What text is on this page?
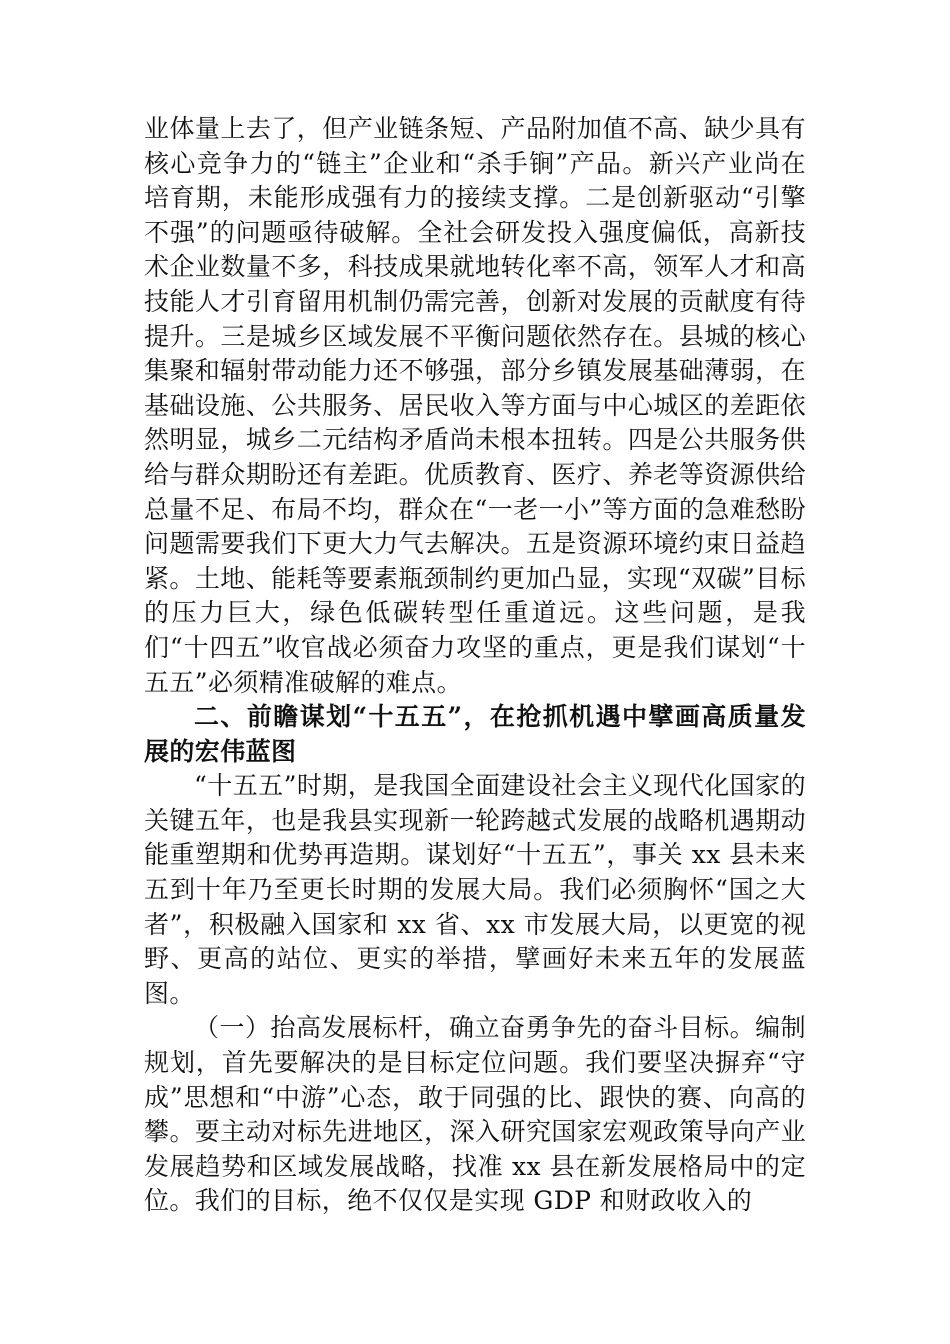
业体量上去了，但产业链条短、产品附加值不高、缺少具有核心竞争力的“链主”企业和“杀手锏”产品。新兴产业尚在培育期，未能形成强有力的接续支撑。二是创新驱动“引擎不强”的问题亟待破解。全社会研发投入强度偏低，高新技术企业数量不多，科技成果就地转化率不高，领军人才和高技能人才引育留用机制仍需完善，创新对发展的贡献度有待提升。三是城乡区域发展不平衡问题依然存在。县城的核心集聚和辐射带动能力还不够强，部分乡镇发展基础薄弱，在基础设施、公共服务、居民收入等方面与中心城区的差距依然明显，城乡二元结构矛盾尚未根本扭转。四是公共服务供给与群众期盼还有差距。优质教育、医疗、养老等资源供给总量不足、布局不均，群众在“一老一小”等方面的急难愁盼问题需要我们下更大力气去解决。五是资源环境约束日益趋紧。土地、能耗等要素瓶颈制约更加凸显，实现“双碳”目标的压力巨大，绿色低碳转型任重道远。这些问题，是我们“十四五”收官战必须奋力攻坚的重点，更是我们谋划“十五五”必须精准破解的难点。

二、前瞻谋划“十五五”，在抢抓机遇中擘画高质量发展的宏伟蓝图

“十五五”时期，是我国全面建设社会主义现代化国家的关键五年，也是我县实现新一轮跨越式发展的战略机遇期动能重塑期和优势再造期。谋划好“十五五”，事关 xx 县未来五到十年乃至更长时期的发展大局。我们必须胸怀“国之大者”，积极融入国家和 xx 省、xx 市发展大局，以更宽的视野、更高的站位、更实的举措，擘画好未来五年的发展蓝图。

（一）抬高发展标杆，确立奋勇争先的奋斗目标。编制规划，首先要解决的是目标定位问题。我们要坚决摒弃“守成”思想和“中游”心态，敢于同强的比、跟快的赛、向高的攀。要主动对标先进地区，深入研究国家宏观政策导向产业发展趋势和区域发展战略，找准 xx 县在新发展格局中的定位。我们的目标，绝不仅仅是实现 GDP 和财政收入的
